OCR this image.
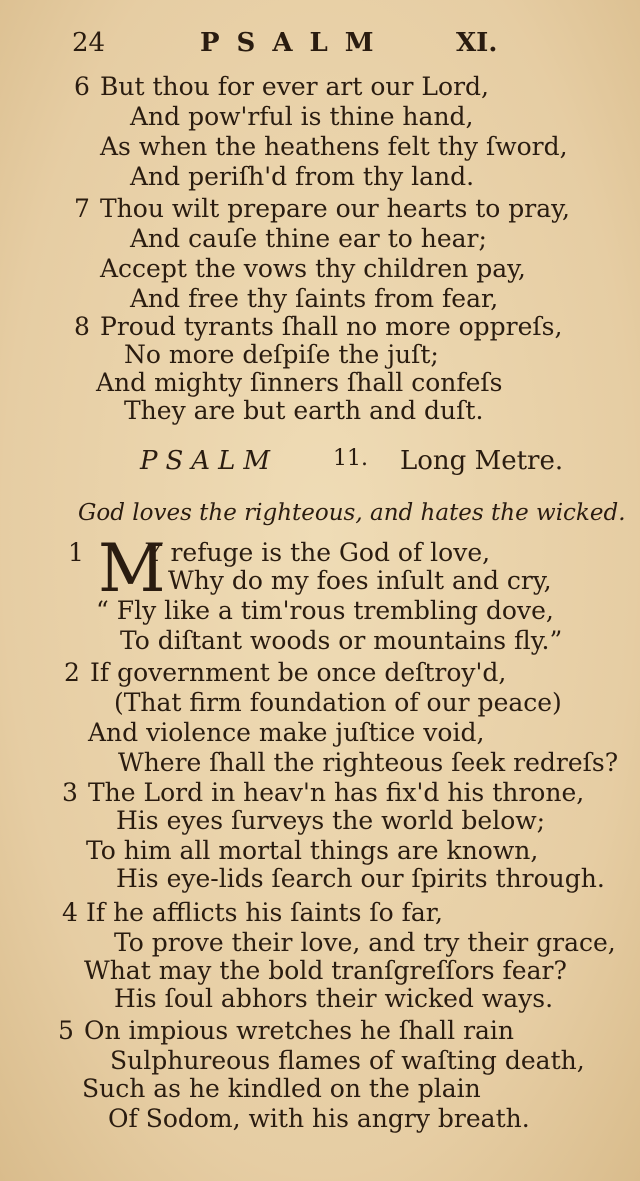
24	PSALM	XI.
6 But thou for ever art our Lord,
And pow'rful is thine hand,
As when the heathens felt thy ſword,
And periſh'd from thy land.
7 Thou wilt prepare our hearts to pray,
And cauſe thine ear to hear;
Accept the vows thy children pay,
And free thy ſaints from fear,
8 Proud tyrants ſhall no more oppreſs,
No more deſpiſe the juſt;
And mighty ſinners ſhall confeſs
They are but earth and duſt.
PSALM	11. Long Metre.
God loves the righteous, and hates the wicked.
1 M
Y refuge is the God of love,
Why do my foes inſult and cry,
“ Fly like a tim'rous trembling dove,
To diſtant woods or mountains fly.”
2 If government be once deſtroy'd,
(That firm foundation of our peace)
And violence make juſtice void,
Where ſhall the righteous ſeek redreſs?
3 The Lord in heav'n has fix'd his throne,
His eyes ſurveys the world below;
To him all mortal things are known,
His eye-lids ſearch our ſpirits through.
4 If he afflicts his ſaints ſo far,
To prove their love, and try their grace,
What may the bold tranſgreſſors fear?
His ſoul abhors their wicked ways.
5 On impious wretches he ſhall rain
Sulphureous flames of waſting death,
Such as he kindled on the plain
Of Sodom, with his angry breath.
